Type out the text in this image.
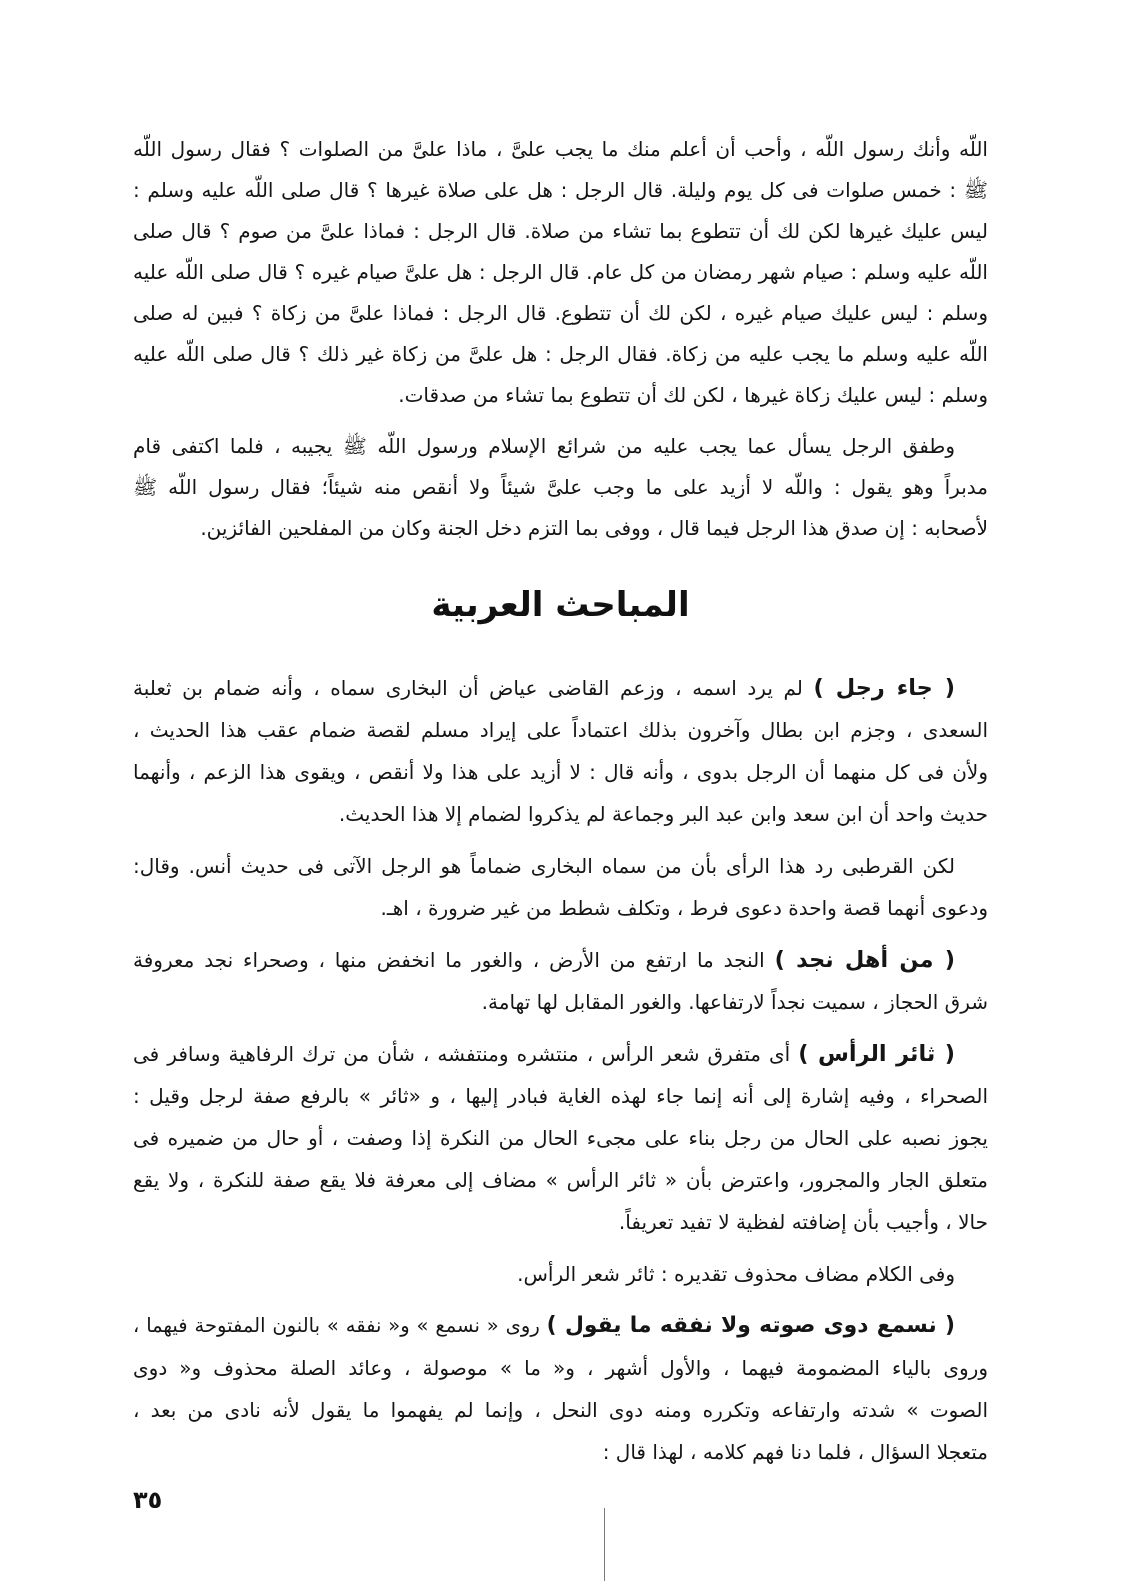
اللّه وأنك رسول اللّه ، وأحب أن أعلم منك ما يجب علىَّ ، ماذا علىَّ من الصلوات ؟ فقال رسول اللّه
ﷺ : خمس صلوات فى كل يوم وليلة. قال الرجل : هل على صلاة غيرها ؟ قال صلى اللّه عليه وسلم :
ليس عليك غيرها لكن لك أن تتطوع بما تشاء من صلاة. قال الرجل : فماذا علىَّ من صوم ؟ قال صلى
اللّه عليه وسلم : صيام شهر رمضان من كل عام. قال الرجل : هل علىَّ صيام غيره ؟ قال صلى اللّه عليه
وسلم : ليس عليك صيام غيره ، لكن لك أن تتطوع. قال الرجل : فماذا علىَّ من زكاة ؟ فبين له صلى
اللّه عليه وسلم ما يجب عليه من زكاة. فقال الرجل : هل علىَّ من زكاة غير ذلك ؟ قال صلى اللّه عليه
وسلم : ليس عليك زكاة غيرها ، لكن لك أن تتطوع بما تشاء من صدقات.
وطفق الرجل يسأل عما يجب عليه من شرائع الإسلام ورسول اللّه ﷺ يجيبه ، فلما اكتفى قام
مدبراً وهو يقول : واللّه لا أزيد على ما وجب علىَّ شيئاً ولا أنقص منه شيئاً؛ فقال رسول اللّه ﷺ
لأصحابه : إن صدق هذا الرجل فيما قال ، ووفى بما التزم دخل الجنة وكان من المفلحين الفائزين.
المباحث العربية
( جاء رجل ) لم يرد اسمه ، وزعم القاضى عياض أن البخارى سماه ، وأنه ضمام بن ثعلبة
السعدى ، وجزم ابن بطال وآخرون بذلك اعتماداً على إيراد مسلم لقصة ضمام عقب هذا الحديث ،
ولأن فى كل منهما أن الرجل بدوى ، وأنه قال : لا أزيد على هذا ولا أنقص ، ويقوى هذا الزعم ، وأنهما
حديث واحد أن ابن سعد وابن عبد البر وجماعة لم يذكروا لضمام إلا هذا الحديث.
لكن القرطبى رد هذا الرأى بأن من سماه البخارى ضماماً هو الرجل الآتى فى حديث أنس. وقال:
ودعوى أنهما قصة واحدة دعوى فرط ، وتكلف شطط من غير ضرورة ، اهـ.
( من أهل نجد ) النجد ما ارتفع من الأرض ، والغور ما انخفض منها ، وصحراء نجد معروفة
شرق الحجاز ، سميت نجداً لارتفاعها. والغور المقابل لها تهامة.
( ثائر الرأس ) أى متفرق شعر الرأس ، منتشره ومنتفشه ، شأن من ترك الرفاهية وسافر فى
الصحراء ، وفيه إشارة إلى أنه إنما جاء لهذه الغاية فبادر إليها ، و «ثائر » بالرفع صفة لرجل وقيل :
يجوز نصبه على الحال من رجل بناء على مجىء الحال من النكرة إذا وصفت ، أو حال من ضميره فى
متعلق الجار والمجرور، واعترض بأن « ثائر الرأس » مضاف إلى معرفة فلا يقع صفة للنكرة ، ولا يقع
حالا ، وأجيب بأن إضافته لفظية لا تفيد تعريفاً.
وفى الكلام مضاف محذوف تقديره : ثائر شعر الرأس.
( نسمع دوى صوته ولا نفقه ما يقول ) روى « نسمع » و« نفقه » بالنون المفتوحة فيهما ،
وروى بالياء المضمومة فيهما ، والأول أشهر ، و« ما » موصولة ، وعائد الصلة محذوف و« دوى
الصوت » شدته وارتفاعه وتكرره ومنه دوى النحل ، وإنما لم يفهموا ما يقول لأنه نادى من بعد ،
متعجلا السؤال ، فلما دنا فهم كلامه ، لهذا قال :
٣٥
